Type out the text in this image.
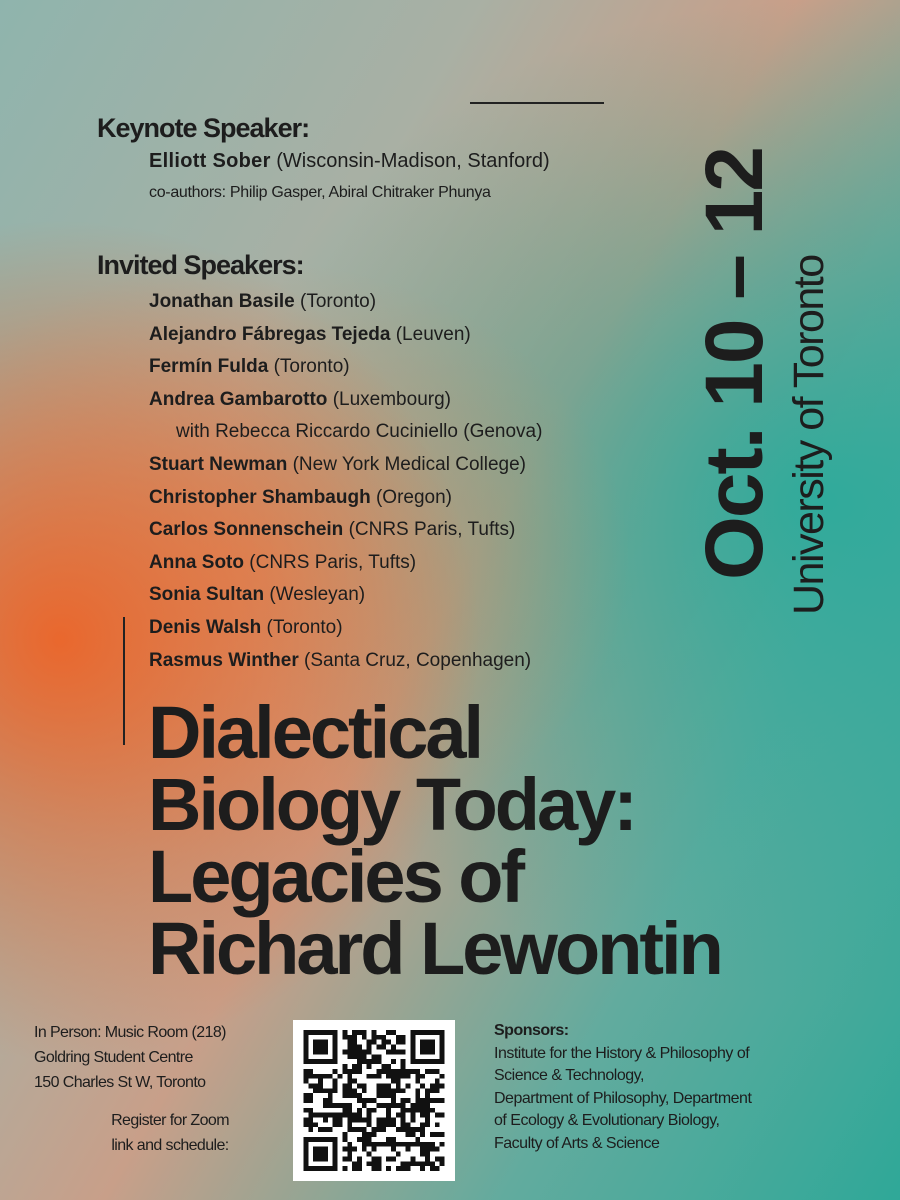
Keynote Speaker:
Elliott Sober (Wisconsin-Madison, Stanford)
co-authors: Philip Gasper, Abiral Chitraker Phunya
Invited Speakers:
Jonathan Basile (Toronto)
Alejandro Fábregas Tejeda (Leuven)
Fermín Fulda (Toronto)
Andrea Gambarotto (Luxembourg)
with Rebecca Riccardo Cuciniello (Genova)
Stuart Newman (New York Medical College)
Christopher Shambaugh (Oregon)
Carlos Sonnenschein (CNRS Paris, Tufts)
Anna Soto (CNRS Paris, Tufts)
Sonia Sultan (Wesleyan)
Denis Walsh (Toronto)
Rasmus Winther (Santa Cruz, Copenhagen)
Dialectical
Biology Today:
Legacies of
Richard Lewontin
Oct. 10 – 12 University of Toronto
In Person: Music Room (218)
Goldring Student Centre
150 Charles St W, Toronto
Register for Zoom
link and schedule:
Sponsors:
Institute for the History & Philosophy of
Science & Technology,
Department of Philosophy, Department
of Ecology & Evolutionary Biology,
Faculty of Arts & Science
